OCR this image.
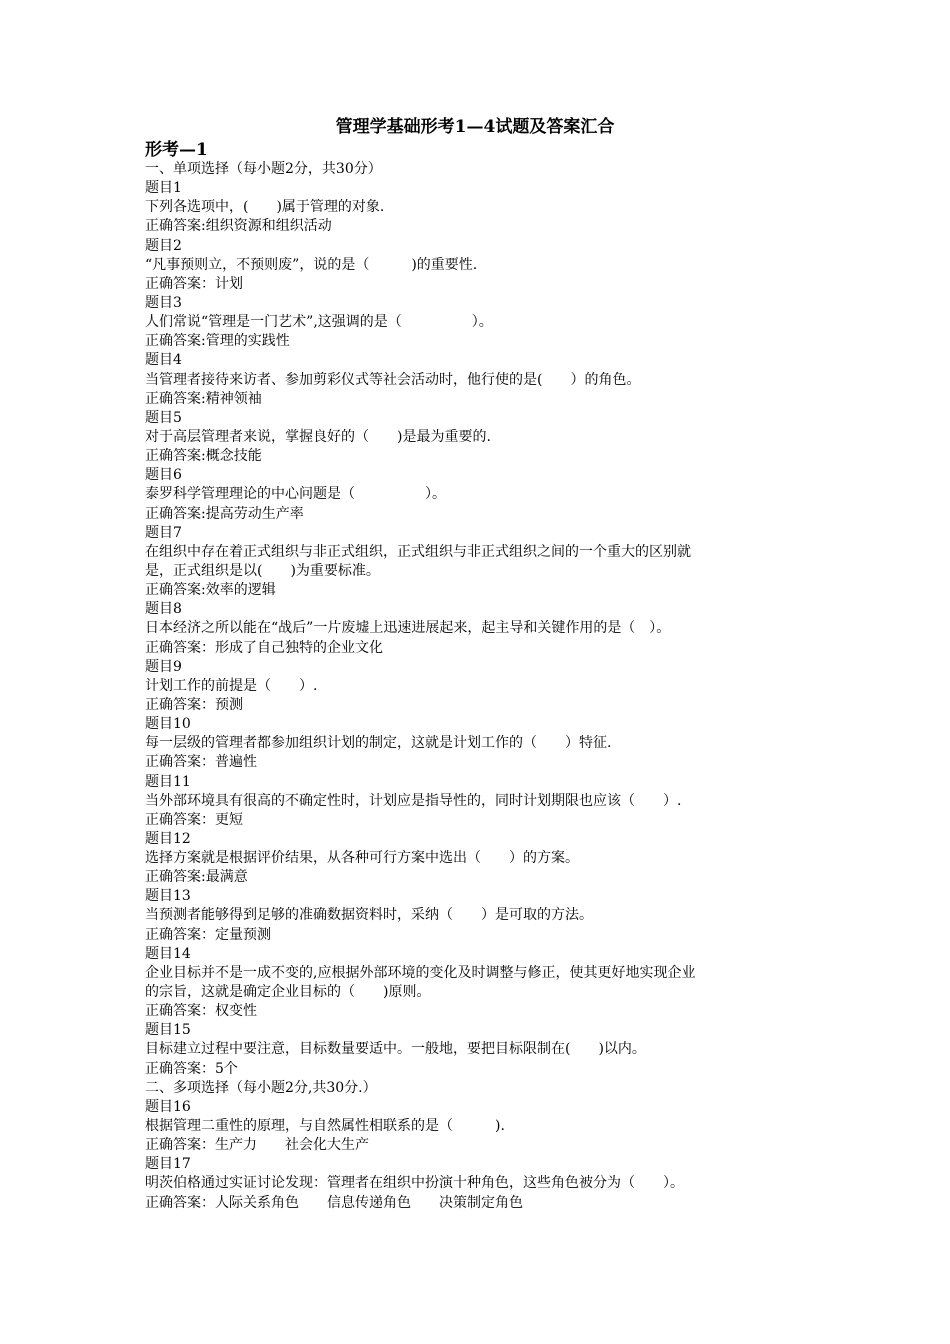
管理学基础形考1—4试题及答案汇合
形考—1
一、单项选择（每小题2分，共30分）
题目1
下列各选项中，(　　)属于管理的对象.
正确答案:组织资源和组织活动
题目2
“凡事预则立，不预则废”，说的是（　　　)的重要性.
正确答案：计划
题目3
人们常说“管理是一门艺术”,这强调的是（　　　　　）。
正确答案:管理的实践性
题目4
当管理者接待来访者、参加剪彩仪式等社会活动时，他行使的是(　　）的角色。
正确答案:精神领袖
题目5
对于高层管理者来说，掌握良好的（　　)是最为重要的.
正确答案:概念技能
题目6
泰罗科学管理理论的中心问题是（　　　　　）。
正确答案:提高劳动生产率
题目7
在组织中存在着正式组织与非正式组织，正式组织与非正式组织之间的一个重大的区别就
是，正式组织是以(　　)为重要标准。
正确答案:效率的逻辑
题目8
日本经济之所以能在“战后”一片废墟上迅速进展起来，起主导和关键作用的是（　）。
正确答案：形成了自己独特的企业文化
题目9
计划工作的前提是（　　）.
正确答案：预测
题目10
每一层级的管理者都参加组织计划的制定，这就是计划工作的（　　）特征.
正确答案：普遍性
题目11
当外部环境具有很高的不确定性时，计划应是指导性的，同时计划期限也应该（　　）.
正确答案：更短
题目12
选择方案就是根据评价结果，从各种可行方案中选出（　　）的方案。
正确答案:最满意
题目13
当预测者能够得到足够的准确数据资料时，采纳（　　）是可取的方法。
正确答案：定量预测
题目14
企业目标并不是一成不变的,应根据外部环境的变化及时调整与修正，使其更好地实现企业
的宗旨，这就是确定企业目标的（　　)原则。
正确答案：权变性
题目15
目标建立过程中要注意，目标数量要适中。一般地，要把目标限制在(　　)以内。
正确答案：5个
二、多项选择（每小题2分,共30分.）
题目16
根据管理二重性的原理，与自然属性相联系的是（　　　).
正确答案：生产力　　社会化大生产
题目17
明茨伯格通过实证讨论发现：管理者在组织中扮演十种角色，这些角色被分为（　　）。
正确答案：人际关系角色　　信息传递角色　　决策制定角色
